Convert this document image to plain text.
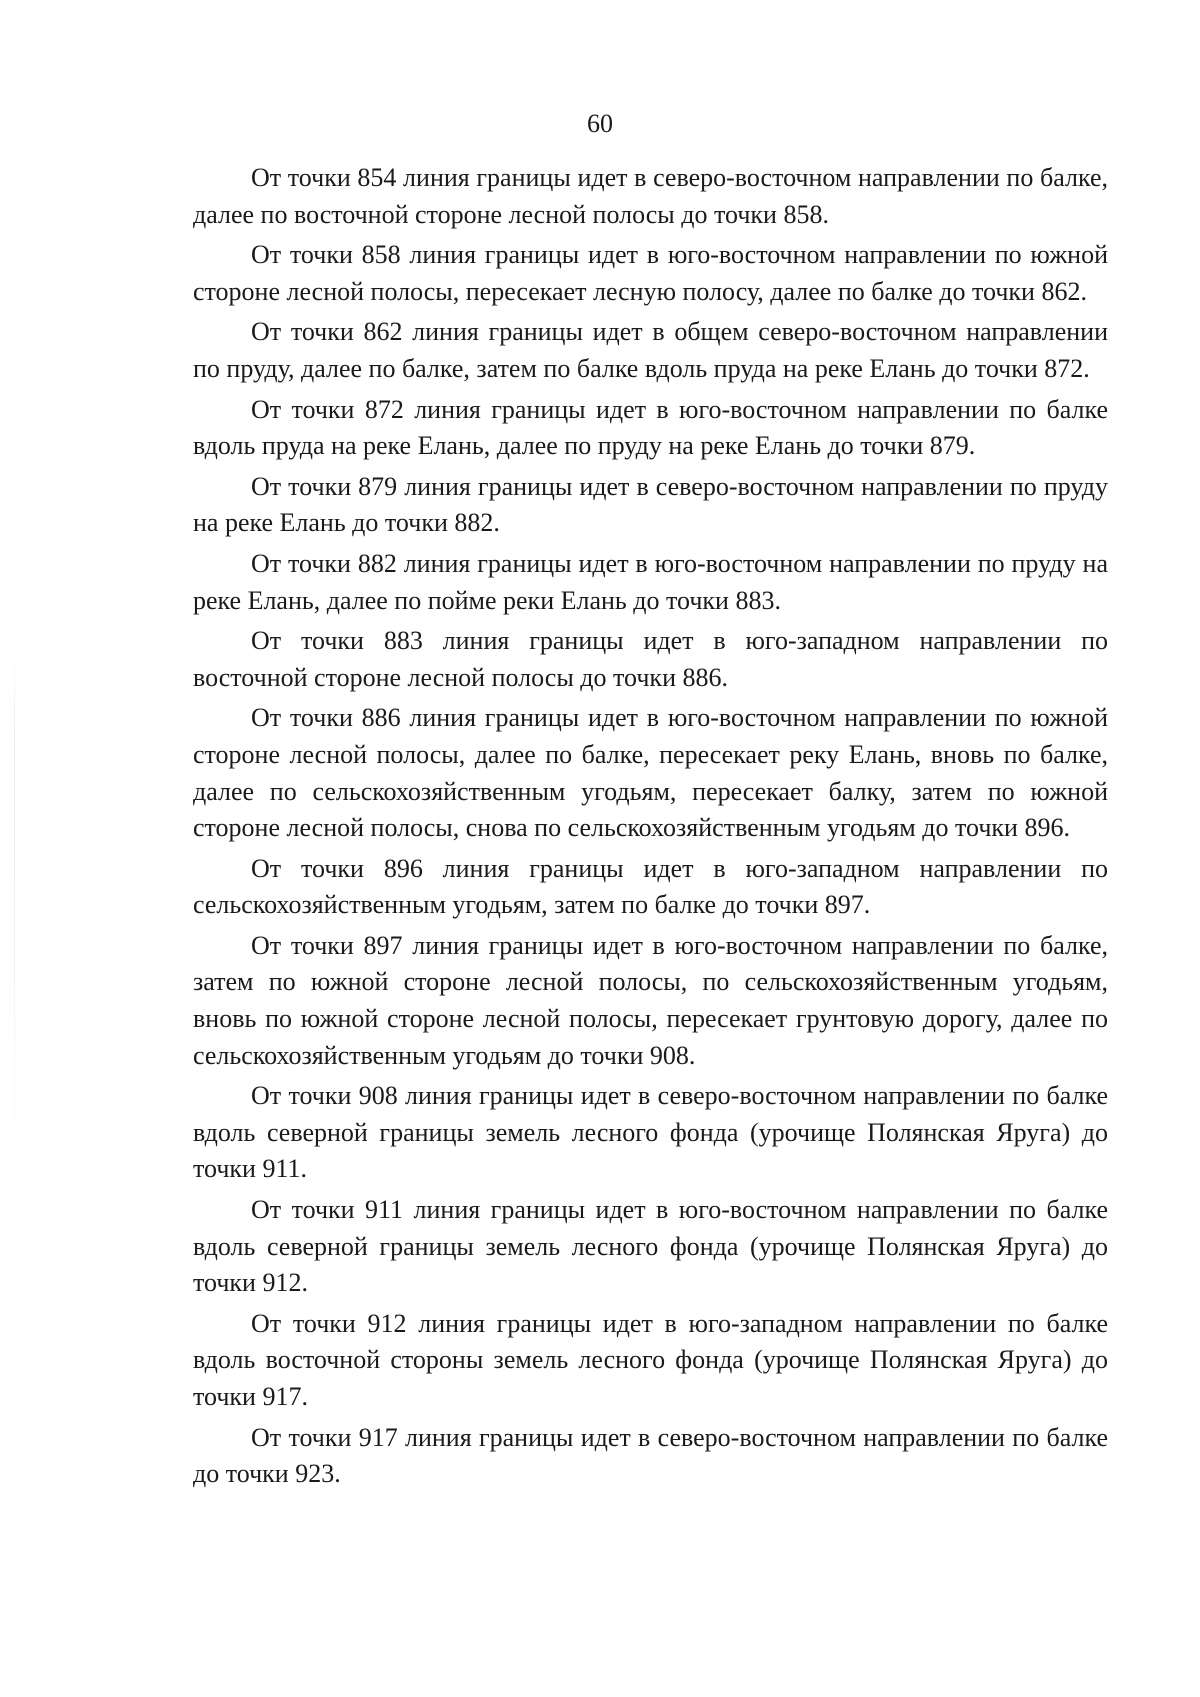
60

От точки 854 линия границы идет в северо-восточном направлении по балке, далее по восточной стороне лесной полосы до точки 858.

От точки 858 линия границы идет в юго-восточном направлении по южной стороне лесной полосы, пересекает лесную полосу, далее по балке до точки 862.

От точки 862 линия границы идет в общем северо-восточном направлении по пруду, далее по балке, затем по балке вдоль пруда на реке Елань до точки 872.

От точки 872 линия границы идет в юго-восточном направлении по балке вдоль пруда на реке Елань, далее по пруду на реке Елань до точки 879.

От точки 879 линия границы идет в северо-восточном направлении по пруду на реке Елань до точки 882.

От точки 882 линия границы идет в юго-восточном направлении по пруду на реке Елань, далее по пойме реки Елань до точки 883.

От точки 883 линия границы идет в юго-западном направлении по восточной стороне лесной полосы до точки 886.

От точки 886 линия границы идет в юго-восточном направлении по южной стороне лесной полосы, далее по балке, пересекает реку Елань, вновь по балке, далее по сельскохозяйственным угодьям, пересекает балку, затем по южной стороне лесной полосы, снова по сельскохозяйственным угодьям до точки 896.

От точки 896 линия границы идет в юго-западном направлении по сельскохозяйственным угодьям, затем по балке до точки 897.

От точки 897 линия границы идет в юго-восточном направлении по балке, затем по южной стороне лесной полосы, по сельскохозяйственным угодьям, вновь по южной стороне лесной полосы, пересекает грунтовую дорогу, далее по сельскохозяйственным угодьям до точки 908.

От точки 908 линия границы идет в северо-восточном направлении по балке вдоль северной границы земель лесного фонда (урочище Полянская Яруга) до точки 911.

От точки 911 линия границы идет в юго-восточном направлении по балке вдоль северной границы земель лесного фонда (урочище Полянская Яруга) до точки 912.

От точки 912 линия границы идет в юго-западном направлении по балке вдоль восточной стороны земель лесного фонда (урочище Полянская Яруга) до точки 917.

От точки 917 линия границы идет в северо-восточном направлении по балке до точки 923.
